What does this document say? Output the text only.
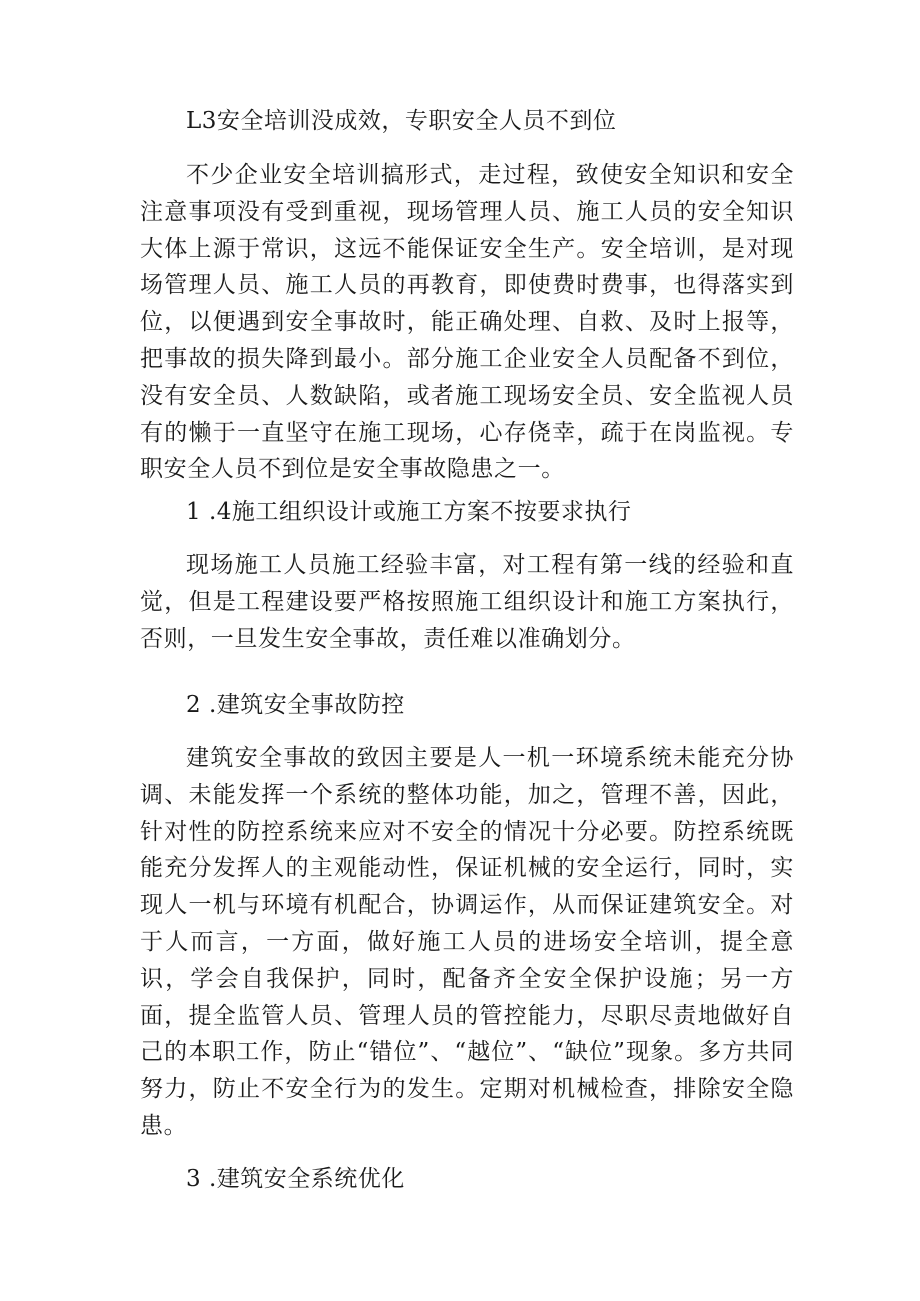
L3安全培训没成效，专职安全人员不到位

不少企业安全培训搞形式，走过程，致使安全知识和安全注意事项没有受到重视，现场管理人员、施工人员的安全知识大体上源于常识，这远不能保证安全生产。安全培训，是对现场管理人员、施工人员的再教育，即使费时费事，也得落实到位，以便遇到安全事故时，能正确处理、自救、及时上报等，把事故的损失降到最小。部分施工企业安全人员配备不到位，没有安全员、人数缺陷，或者施工现场安全员、安全监视人员有的懒于一直坚守在施工现场，心存侥幸，疏于在岗监视。专职安全人员不到位是安全事故隐患之一。

1 .4施工组织设计或施工方案不按要求执行

现场施工人员施工经验丰富，对工程有第一线的经验和直觉，但是工程建设要严格按照施工组织设计和施工方案执行，否则，一旦发生安全事故，责任难以准确划分。

2 .建筑安全事故防控

建筑安全事故的致因主要是人一机一环境系统未能充分协调、未能发挥一个系统的整体功能，加之，管理不善，因此，针对性的防控系统来应对不安全的情况十分必要。防控系统既能充分发挥人的主观能动性，保证机械的安全运行，同时，实现人一机与环境有机配合，协调运作，从而保证建筑安全。对于人而言，一方面，做好施工人员的进场安全培训，提全意识，学会自我保护，同时，配备齐全安全保护设施；另一方面，提全监管人员、管理人员的管控能力，尽职尽责地做好自己的本职工作，防止“错位”、“越位”、“缺位”现象。多方共同努力，防止不安全行为的发生。定期对机械检查，排除安全隐患。

3 .建筑安全系统优化
